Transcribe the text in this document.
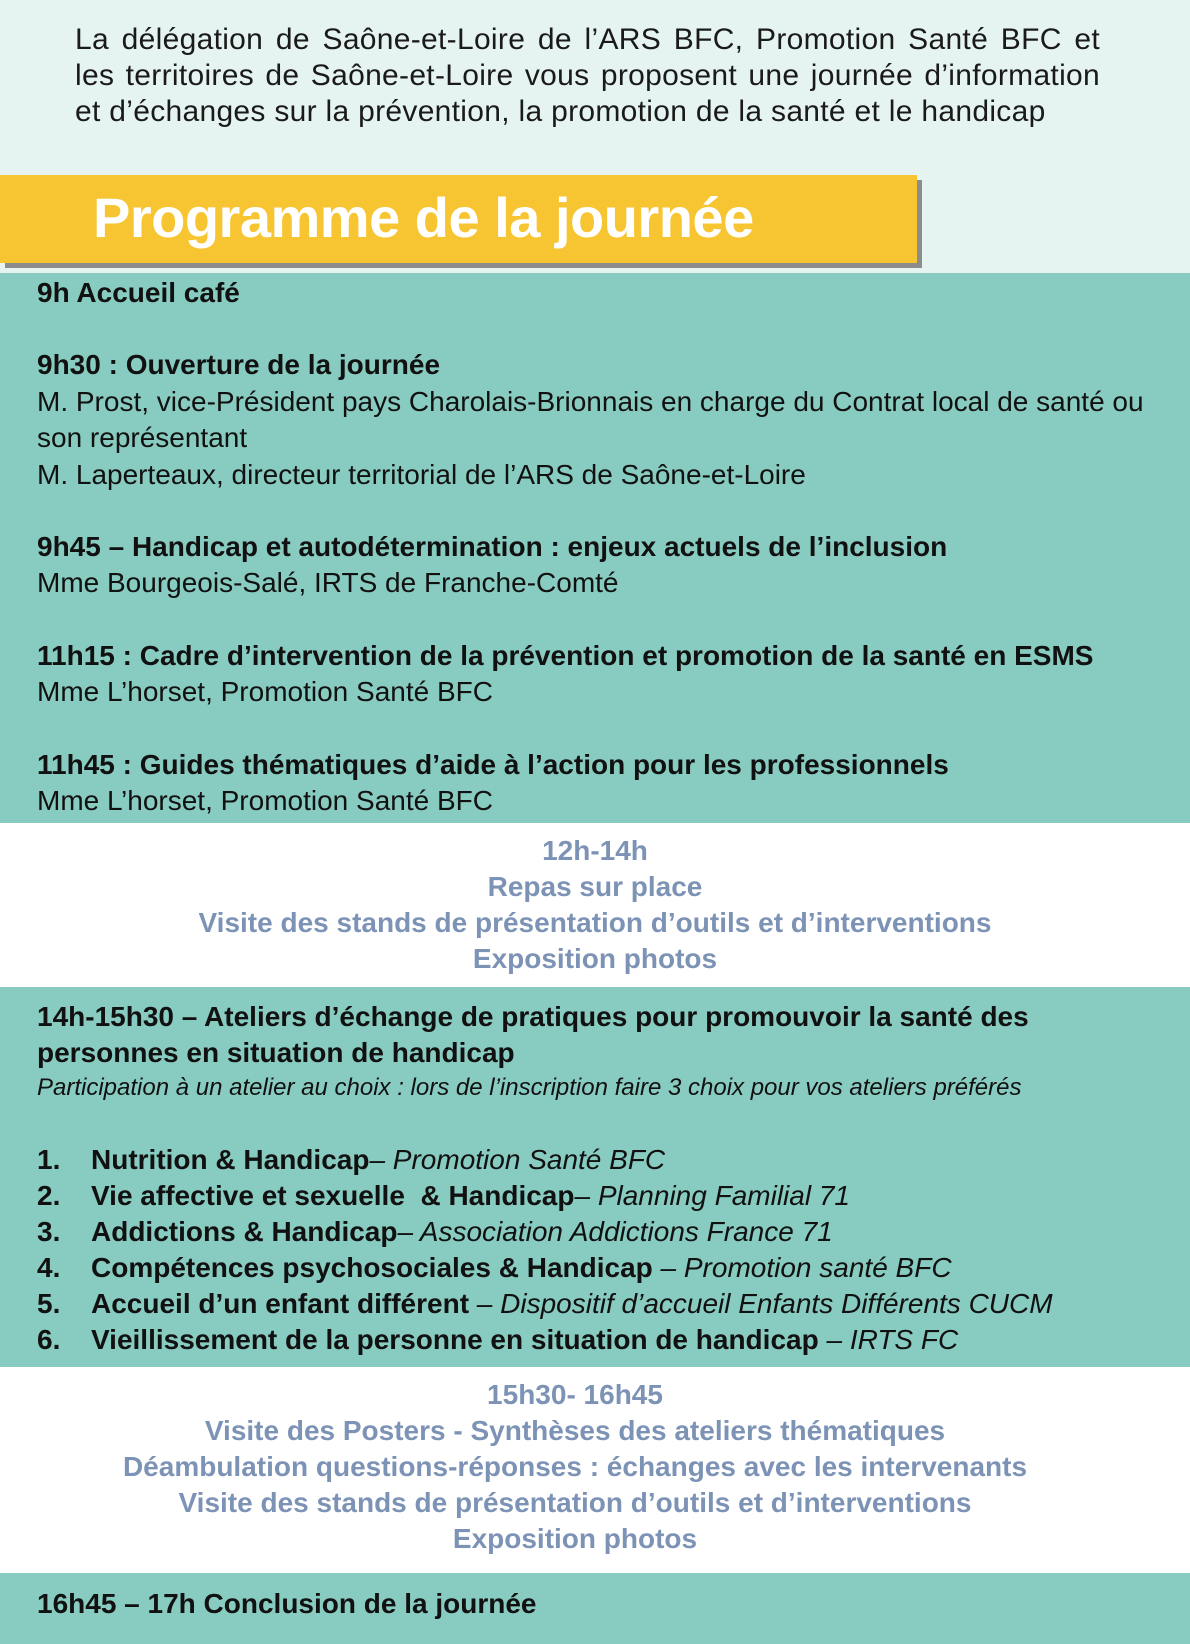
La délégation de Saône-et-Loire de l’ARS BFC, Promotion Santé BFC et les territoires de Saône-et-Loire vous proposent une journée d’information et d’échanges sur la prévention, la promotion de la santé et le handicap
Programme de la journée
9h Accueil café
9h30 : Ouverture de la journée
M. Prost, vice-Président pays Charolais-Brionnais en charge du Contrat local de santé ou son représentant
M. Laperteaux, directeur territorial de l’ARS de Saône-et-Loire
9h45 – Handicap et autodétermination : enjeux actuels de l’inclusion
Mme Bourgeois-Salé, IRTS de Franche-Comté
11h15 : Cadre d’intervention de la prévention et promotion de la santé en ESMS
Mme L’horset, Promotion Santé BFC
11h45 : Guides thématiques d’aide à l’action pour les professionnels
Mme L’horset, Promotion Santé BFC
12h-14h
Repas sur place
Visite des stands de présentation d’outils et d’interventions
Exposition photos
14h-15h30 – Ateliers d’échange de pratiques pour promouvoir la santé des personnes en situation de handicap
Participation à un atelier au choix : lors de l’inscription faire 3 choix pour vos ateliers préférés
1. Nutrition & Handicap– Promotion Santé BFC
2. Vie affective et sexuelle  & Handicap– Planning Familial 71
3. Addictions & Handicap– Association Addictions France 71
4. Compétences psychosociales & Handicap – Promotion santé BFC
5. Accueil d’un enfant différent – Dispositif d’accueil Enfants Différents CUCM
6. Vieillissement de la personne en situation de handicap – IRTS FC
15h30- 16h45
Visite des Posters - Synthèses des ateliers thématiques
Déambulation questions-réponses : échanges avec les intervenants
Visite des stands de présentation d’outils et d’interventions
Exposition photos
16h45 – 17h Conclusion de la journée
